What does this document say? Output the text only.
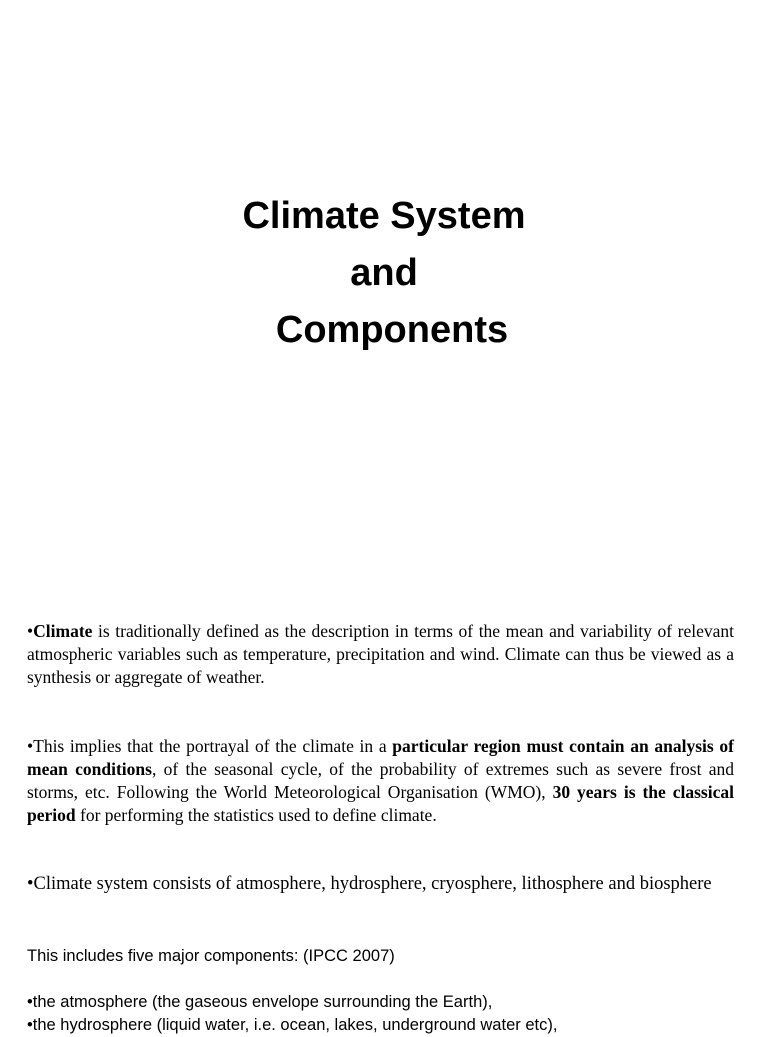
Climate System
and
Components

•Climate is traditionally defined as the description in terms of the mean and variability of relevant atmospheric variables such as temperature, precipitation and wind. Climate can thus be viewed as a synthesis or aggregate of weather.

•This implies that the portrayal of the climate in a particular region must contain an analysis of mean conditions, of the seasonal cycle, of the probability of extremes such as severe frost and storms, etc. Following the World Meteorological Organisation (WMO), 30 years is the classical period for performing the statistics used to define climate.

•Climate system consists of atmosphere, hydrosphere, cryosphere, lithosphere and biosphere

This includes five major components: (IPCC 2007)

•the atmosphere (the gaseous envelope surrounding the Earth),

•the hydrosphere (liquid water, i.e. ocean, lakes, underground water etc),
